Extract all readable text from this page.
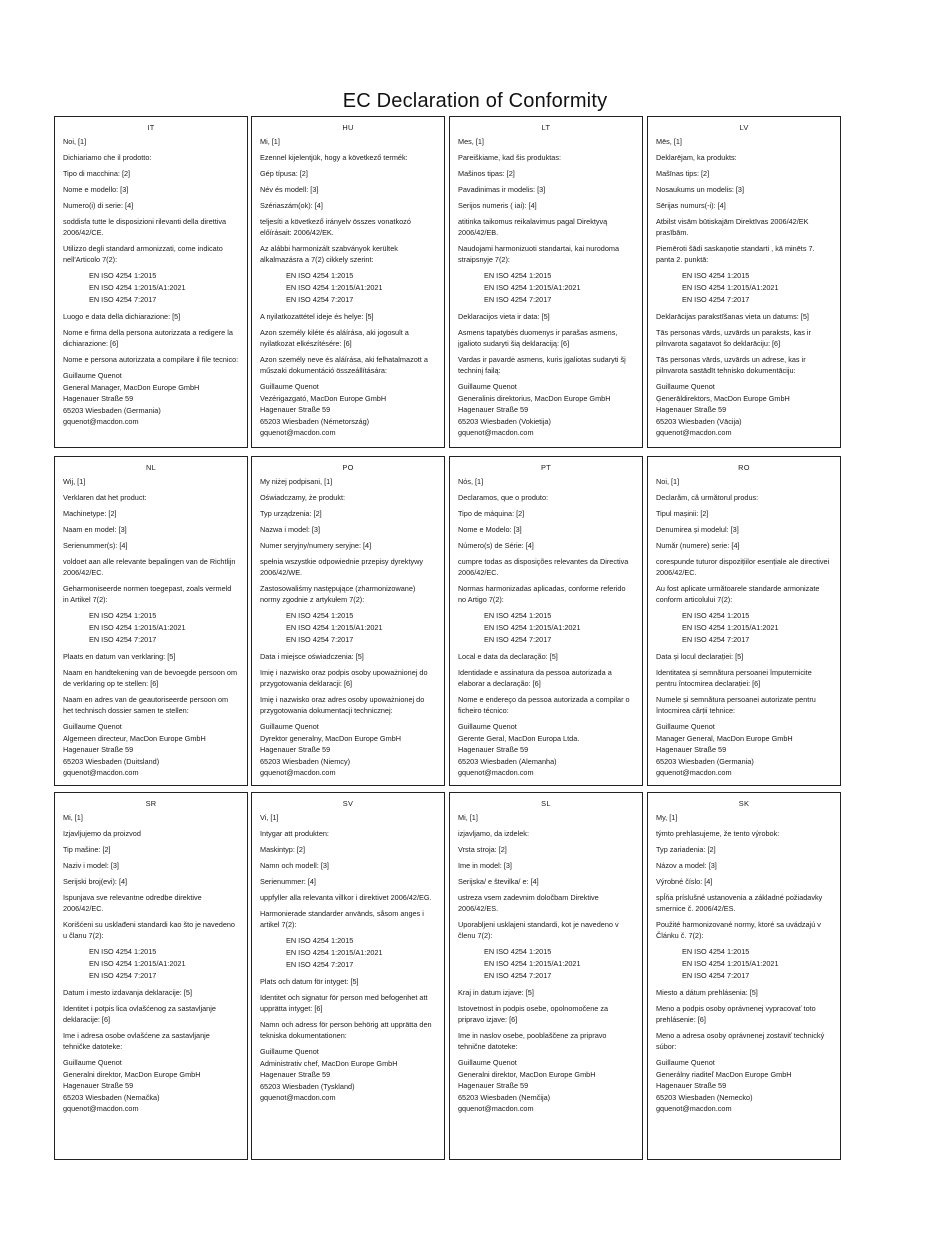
EC Declaration of Conformity
IT
Noi, [1]
Dichiariamo che il prodotto:
Tipo di macchina: [2]
Nome e modello: [3]
Numero(i) di serie: [4]
soddisfa tutte le disposizioni rilevanti della direttiva 2006/42/CE.
Utilizzo degli standard armonizzati, come indicato nell'Articolo 7(2):
EN ISO 4254 1:2015
EN ISO 4254 1:2015/A1:2021
EN ISO 4254 7:2017
Luogo e data della dichiarazione: [5]
Nome e firma della persona autorizzata a redigere la dichiarazione: [6]
Nome e persona autorizzata a compilare il file tecnico:
Guillaume Quenot
General Manager, MacDon Europe GmbH
Hagenauer Straße 59
65203 Wiesbaden (Germania)
gquenot@macdon.com
HU
Mi, [1]
Ezennel kijelentjük, hogy a következő termék:
Gép típusa: [2]
Név és modell: [3]
Szériaszám(ok): [4]
teljesíti a következő irányelv összes vonatkozó előírásait: 2006/42/EK.
Az alábbi harmonizált szabványok kerültek alkalmazásra a 7(2) cikkely szerint:
EN ISO 4254 1:2015
EN ISO 4254 1:2015/A1:2021
EN ISO 4254 7:2017
A nyilatkozattétel ideje és helye: [5]
Azon személy kiléte és aláírása, aki jogosult a nyilatkozat elkészítésére: [6]
Azon személy neve és aláírása, aki felhatalmazott a műszaki dokumentáció összeállítására:
Guillaume Quenot
Vezérigazgató, MacDon Europe GmbH
Hagenauer Straße 59
65203 Wiesbaden (Németország)
gquenot@macdon.com
LT
Mes, [1]
Pareiškiame, kad šis produktas:
Mašinos tipas: [2]
Pavadinimas ir modelis: [3]
Serijos numeris ( iai): [4]
atitinka taikomus reikalavimus pagal Direktyvą 2006/42/EB.
Naudojami harmonizuoti standartai, kai nurodoma straipsnyje 7(2):
EN ISO 4254 1:2015
EN ISO 4254 1:2015/A1:2021
EN ISO 4254 7:2017
Deklaracijos vieta ir data: [5]
Asmens tapatybės duomenys ir parašas asmens, įgalioto sudaryti šią deklaraciją: [6]
Vardas ir pavardė asmens, kuris įgaliotas sudaryti šį techninį failą:
Guillaume Quenot
Generalinis direktorius, MacDon Europe GmbH
Hagenauer Straße 59
65203 Wiesbaden (Vokietija)
gquenot@macdon.com
LV
Mēs, [1]
Deklarējam, ka produkts:
Mašīnas tips: [2]
Nosaukums un modelis: [3]
Sērijas numurs(-i): [4]
Atbilst visām būtiskajām Direktīvas 2006/42/EK prasībām.
Piemēroti šādi saskaņotie standarti , kā minēts 7. panta 2. punktā:
EN ISO 4254 1:2015
EN ISO 4254 1:2015/A1:2021
EN ISO 4254 7:2017
Deklarācijas parakstīšanas vieta un datums: [5]
Tās personas vārds, uzvārds un paraksts, kas ir pilnvarota sagatavot šo deklarāciju: [6]
Tās personas vārds, uzvārds un adrese, kas ir pilnvarota sastādīt tehnisko dokumentāciju:
Guillaume Quenot
Ģenerāldirektors, MacDon Europe GmbH
Hagenauer Straße 59
65203 Wiesbaden (Vācija)
gquenot@macdon.com
NL
Wij, [1]
Verklaren dat het product:
Machinetype: [2]
Naam en model: [3]
Serienummer(s): [4]
voldoet aan alle relevante bepalingen van de Richtlijn 2006/42/EC.
Geharmoniseerde normen toegepast, zoals vermeld in Artikel 7(2):
EN ISO 4254 1:2015
EN ISO 4254 1:2015/A1:2021
EN ISO 4254 7:2017
Plaats en datum van verklaring: [5]
Naam en handtekening van de bevoegde persoon om de verklaring op te stellen: [6]
Naam en adres van de geautoriseerde persoon om het technisch dossier samen te stellen:
Guillaume Quenot
Algemeen directeur, MacDon Europe GmbH
Hagenauer Straße 59
65203 Wiesbaden (Duitsland)
gquenot@macdon.com
PO
My niżej podpisani, [1]
Oświadczamy, że produkt:
Typ urządzenia: [2]
Nazwa i model: [3]
Numer seryjny/numery seryjne: [4]
spełnia wszystkie odpowiednie przepisy dyrektywy 2006/42/WE.
Zastosowaliśmy następujące (zharmonizowane) normy zgodnie z artykułem 7(2):
EN ISO 4254 1:2015
EN ISO 4254 1:2015/A1:2021
EN ISO 4254 7:2017
Data i miejsce oświadczenia: [5]
Imię i nazwisko oraz podpis osoby upoważnionej do przygotowania deklaracji: [6]
Imię i nazwisko oraz adres osoby upoważnionej do przygotowania dokumentacji technicznej:
Guillaume Quenot
Dyrektor generalny, MacDon Europe GmbH
Hagenauer Straße 59
65203 Wiesbaden (Niemcy)
gquenot@macdon.com
PT
Nós, [1]
Declaramos, que o produto:
Tipo de máquina: [2]
Nome e Modelo: [3]
Número(s) de Série: [4]
cumpre todas as disposições relevantes da Directiva 2006/42/EC.
Normas harmonizadas aplicadas, conforme referido no Artigo 7(2):
EN ISO 4254 1:2015
EN ISO 4254 1:2015/A1:2021
EN ISO 4254 7:2017
Local e data da declaração: [5]
Identidade e assinatura da pessoa autorizada a elaborar a declaração: [6]
Nome e endereço da pessoa autorizada a compilar o ficheiro técnico:
Guillaume Quenot
Gerente Geral, MacDon Europa Ltda.
Hagenauer Straße 59
65203 Wiesbaden (Alemanha)
gquenot@macdon.com
RO
Noi, [1]
Declarăm, că următorul produs:
Tipul mașinii: [2]
Denumirea și modelul: [3]
Număr (numere) serie: [4]
corespunde tuturor dispozițiilor esențiale ale directivei 2006/42/EC.
Au fost aplicate următoarele standarde armonizate conform articolului 7(2):
EN ISO 4254 1:2015
EN ISO 4254 1:2015/A1:2021
EN ISO 4254 7:2017
Data și locul declarației: [5]
Identitatea și semnătura persoanei împuternicite pentru întocmirea declarației: [6]
Numele și semnătura persoanei autorizate pentru întocmirea cărții tehnice:
Guillaume Quenot
Manager General, MacDon Europe GmbH
Hagenauer Straße 59
65203 Wiesbaden (Germania)
gquenot@macdon.com
SR
Mi, [1]
Izjavljujemo da proizvod
Tip mašine: [2]
Naziv i model: [3]
Serijski broj(evi): [4]
Ispunjava sve relevantne odredbe direktive 2006/42/EC.
Korišćeni su usklađeni standardi kao što je navedeno u članu 7(2):
EN ISO 4254 1:2015
EN ISO 4254 1:2015/A1:2021
EN ISO 4254 7:2017
Datum i mesto izdavanja deklaracije: [5]
Identitet i potpis lica ovlašćenog za sastavljanje deklaracije: [6]
Ime i adresa osobe ovlašćene za sastavljanje tehničke datoteke:
Guillaume Quenot
Generalni direktor, MacDon Europe GmbH
Hagenauer Straße 59
65203 Wiesbaden (Nemačka)
gquenot@macdon.com
SV
Vi, [1]
Intygar att produkten:
Maskintyp: [2]
Namn och modell: [3]
Serienummer: [4]
uppfyller alla relevanta villkor i direktivet 2006/42/EG.
Harmonierade standarder används, såsom anges i artikel 7(2):
EN ISO 4254 1:2015
EN ISO 4254 1:2015/A1:2021
EN ISO 4254 7:2017
Plats och datum för intyget: [5]
Identitet och signatur för person med befogenhet att upprätta intyget: [6]
Namn och adress för person behörig att upprätta den tekniska dokumentationen:
Guillaume Quenot
Administrativ chef, MacDon Europe GmbH
Hagenauer Straße 59
65203 Wiesbaden (Tyskland)
gquenot@macdon.com
SL
Mi, [1]
izjavljamo, da izdelek:
Vrsta stroja: [2]
Ime in model: [3]
Serijska/ e številka/ e: [4]
ustreza vsem zadevnim določbam Direktive 2006/42/ES.
Uporabljeni usklajeni standardi, kot je navedeno v členu 7(2):
EN ISO 4254 1:2015
EN ISO 4254 1:2015/A1:2021
EN ISO 4254 7:2017
Kraj in datum izjave: [5]
Istovetnost in podpis osebe, opolnomočene za pripravo izjave: [6]
Ime in naslov osebe, pooblaščene za pripravo tehnične datoteke:
Guillaume Quenot
Generalni direktor, MacDon Europe GmbH
Hagenauer Straße 59
65203 Wiesbaden (Nemčija)
gquenot@macdon.com
SK
My, [1]
týmto prehlasujeme, že tento výrobok:
Typ zariadenia: [2]
Názov a model: [3]
Výrobné číslo: [4]
spĺňa príslušné ustanovenia a základné požiadavky smernice č. 2006/42/ES.
Použité harmonizované normy, ktoré sa uvádzajú v Článku č. 7(2):
EN ISO 4254 1:2015
EN ISO 4254 1:2015/A1:2021
EN ISO 4254 7:2017
Miesto a dátum prehlásenia: [5]
Meno a podpis osoby oprávnenej vypracovať toto prehlásenie: [6]
Meno a adresa osoby oprávnenej zostaviť technický súbor:
Guillaume Quenot
Generálny riaditeľ MacDon Europe GmbH
Hagenauer Straße 59
65203 Wiesbaden (Nemecko)
gquenot@macdon.com
